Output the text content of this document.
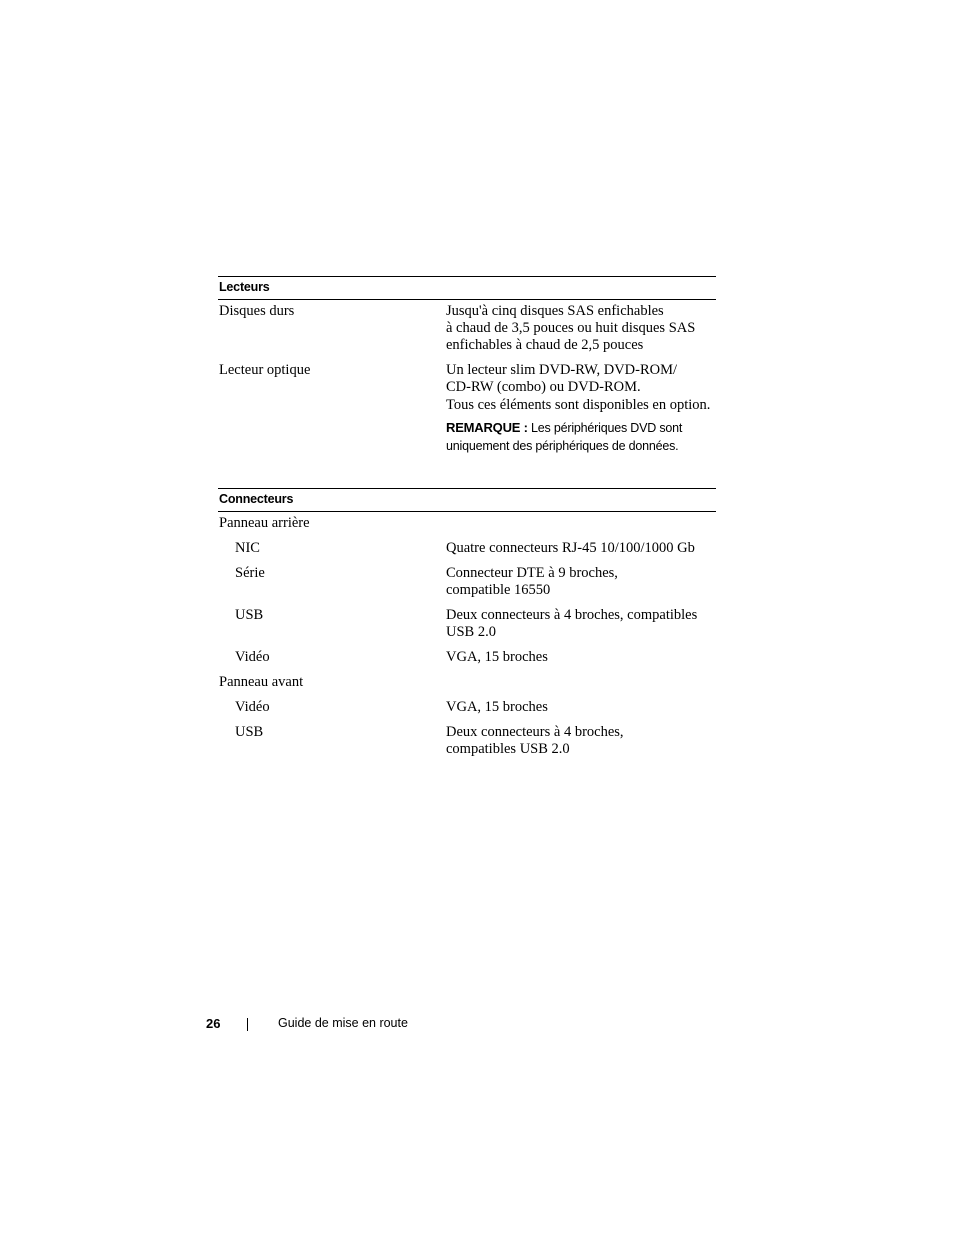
Lecteurs
Disques durs	Jusqu'à cinq disques SAS enfichables
à chaud de 3,5 pouces ou huit disques SAS
enfichables à chaud de 2,5 pouces
Lecteur optique	Un lecteur slim DVD-RW, DVD-ROM/
CD-RW (combo) ou DVD-ROM.
Tous ces éléments sont disponibles en option.
REMARQUE : Les périphériques DVD sont
uniquement des périphériques de données.
Connecteurs
Panneau arrière
NIC	Quatre connecteurs RJ-45 10/100/1000 Gb
Série	Connecteur DTE à 9 broches,
compatible 16550
USB	Deux connecteurs à 4 broches, compatibles
USB 2.0
Vidéo	VGA, 15 broches
Panneau avant
Vidéo	VGA, 15 broches
USB	Deux connecteurs à 4 broches,
compatibles USB 2.0
26	Guide de mise en route
